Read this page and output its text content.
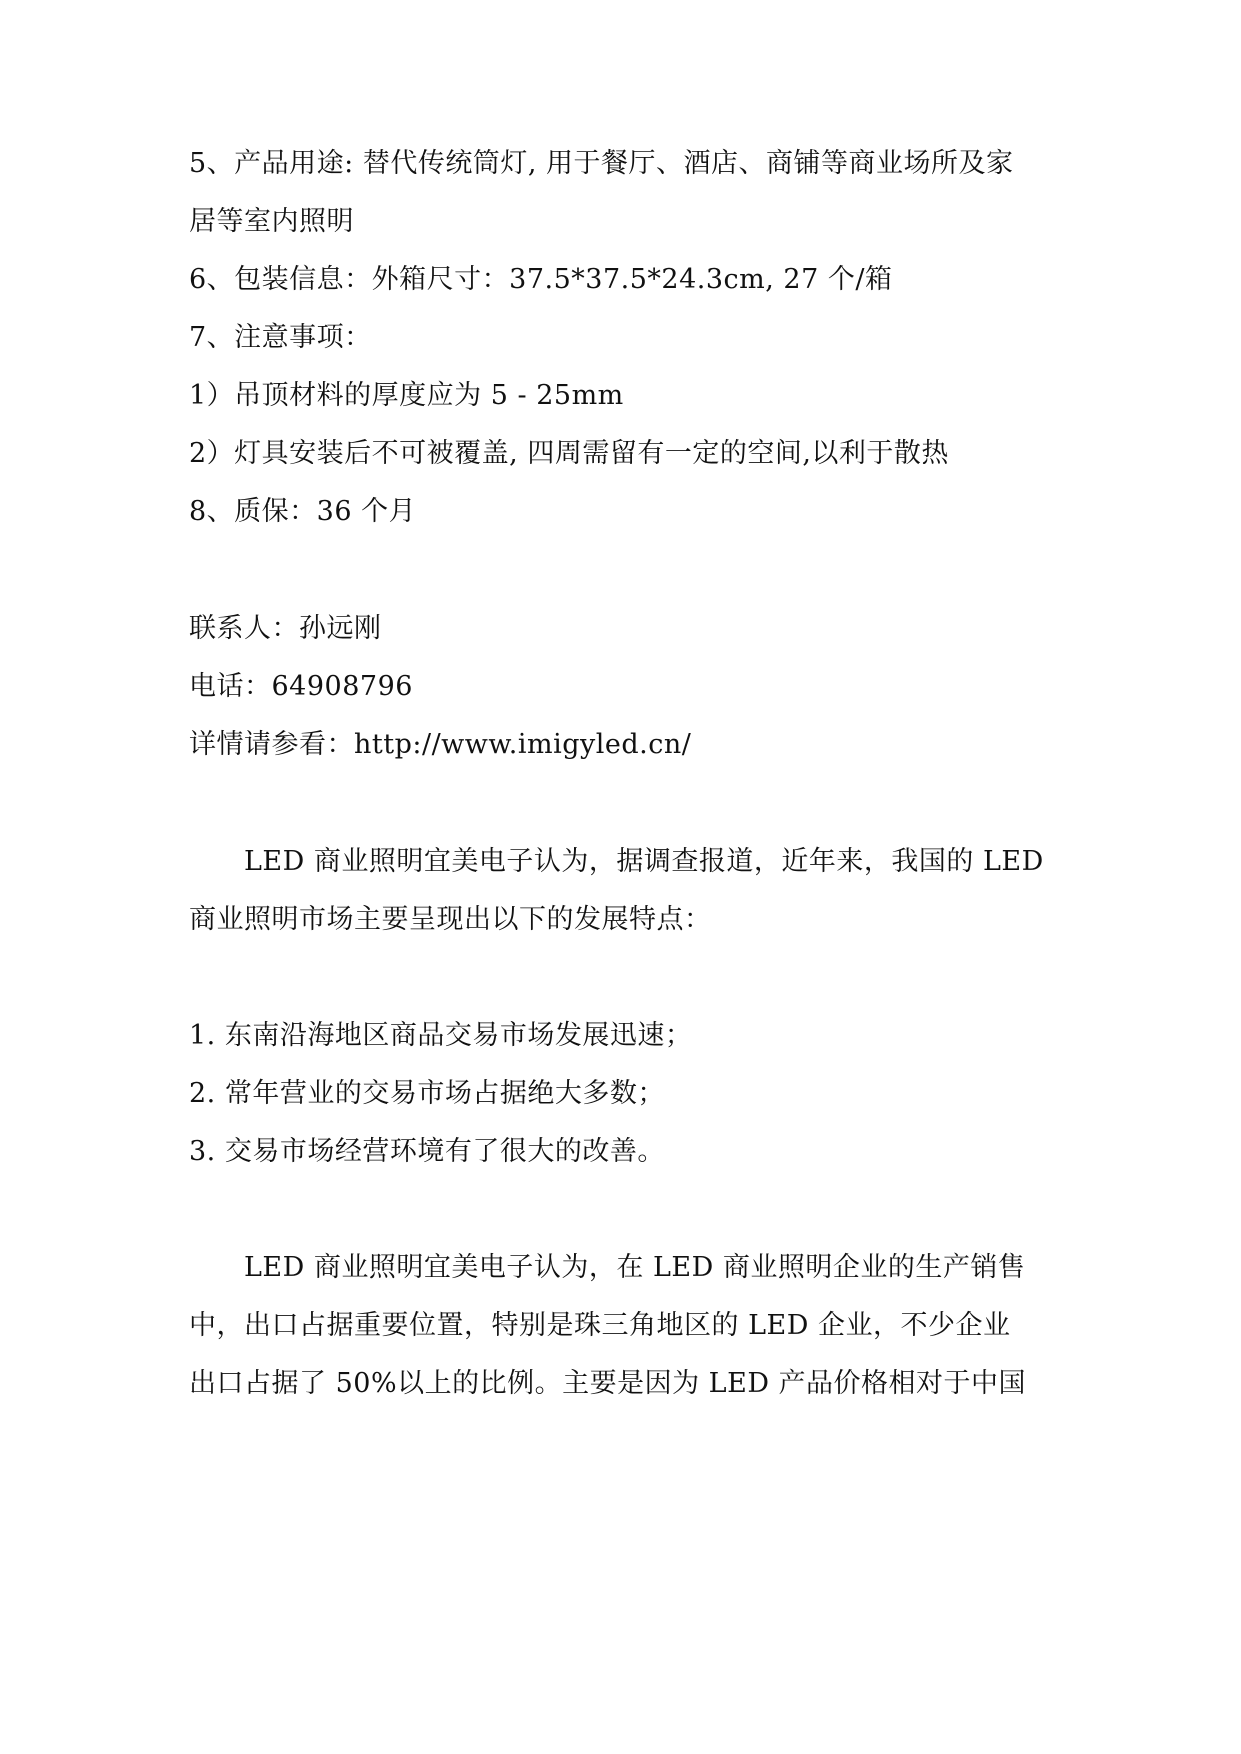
5、产品用途: 替代传统筒灯, 用于餐厅、酒店、商铺等商业场所及家
居等室内照明
6、包装信息：外箱尺寸：37.5*37.5*24.3cm, 27 个/箱
7、注意事项：
1）吊顶材料的厚度应为 5 - 25mm
2）灯具安装后不可被覆盖, 四周需留有一定的空间,以利于散热
8、质保：36 个月
联系人：孙远刚
电话：64908796
详情请参看：http://www.imigyled.cn/
LED 商业照明宜美电子认为，据调查报道，近年来，我国的 LED
商业照明市场主要呈现出以下的发展特点：
1. 东南沿海地区商品交易市场发展迅速；
2. 常年营业的交易市场占据绝大多数；
3. 交易市场经营环境有了很大的改善。
LED 商业照明宜美电子认为，在 LED 商业照明企业的生产销售
中，出口占据重要位置，特别是珠三角地区的 LED 企业，不少企业
出口占据了 50%以上的比例。主要是因为 LED 产品价格相对于中国
